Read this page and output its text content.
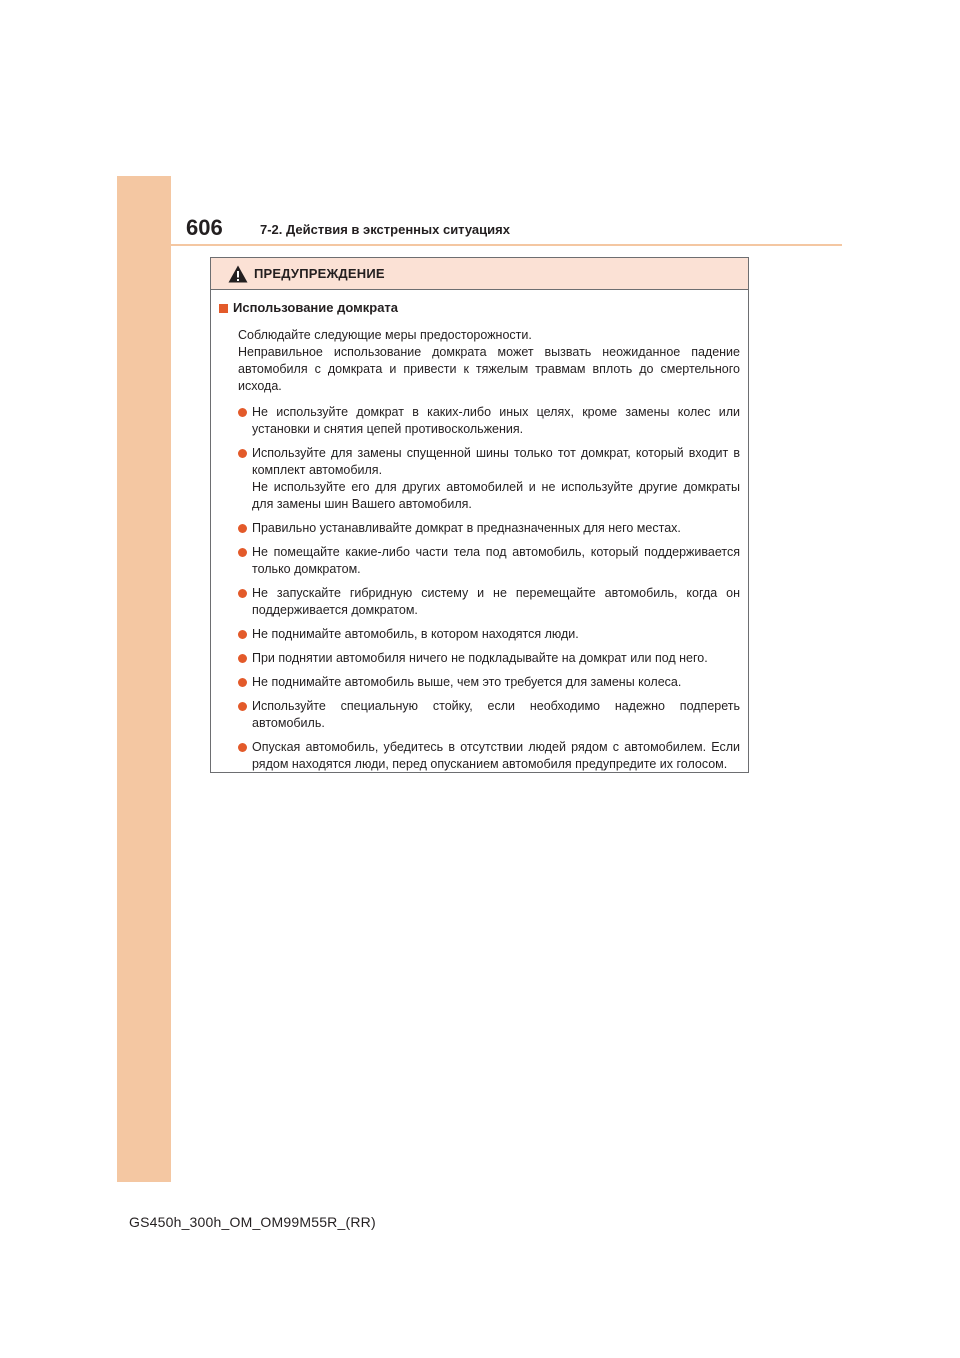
606	7-2. Действия в экстренных ситуациях
ПРЕДУПРЕЖДЕНИЕ
Использование домкрата

Соблюдайте следующие меры предосторожности.

Неправильное использование домкрата может вызвать неожиданное падение автомобиля с домкрата и привести к тяжелым травмам вплоть до смертельного исхода.

Не используйте домкрат в каких-либо иных целях, кроме замены колес или установки и снятия цепей противоскольжения.

Используйте для замены спущенной шины только тот домкрат, который входит в комплект автомобиля.

Не используйте его для других автомобилей и не используйте другие домкраты для замены шин Вашего автомобиля.

Правильно устанавливайте домкрат в предназначенных для него местах.

Не помещайте какие-либо части тела под автомобиль, который поддерживается только домкратом.

Не запускайте гибридную систему и не перемещайте автомобиль, когда он поддерживается домкратом.

Не поднимайте автомобиль, в котором находятся люди.

При поднятии автомобиля ничего не подкладывайте на домкрат или под него.

Не поднимайте автомобиль выше, чем это требуется для замены колеса.

Используйте специальную стойку, если необходимо надежно подпереть автомобиль.

Опуская автомобиль, убедитесь в отсутствии людей рядом с автомобилем. Если рядом находятся люди, перед опусканием автомобиля предупредите их голосом.

GS450h_300h_OM_OM99M55R_(RR)
